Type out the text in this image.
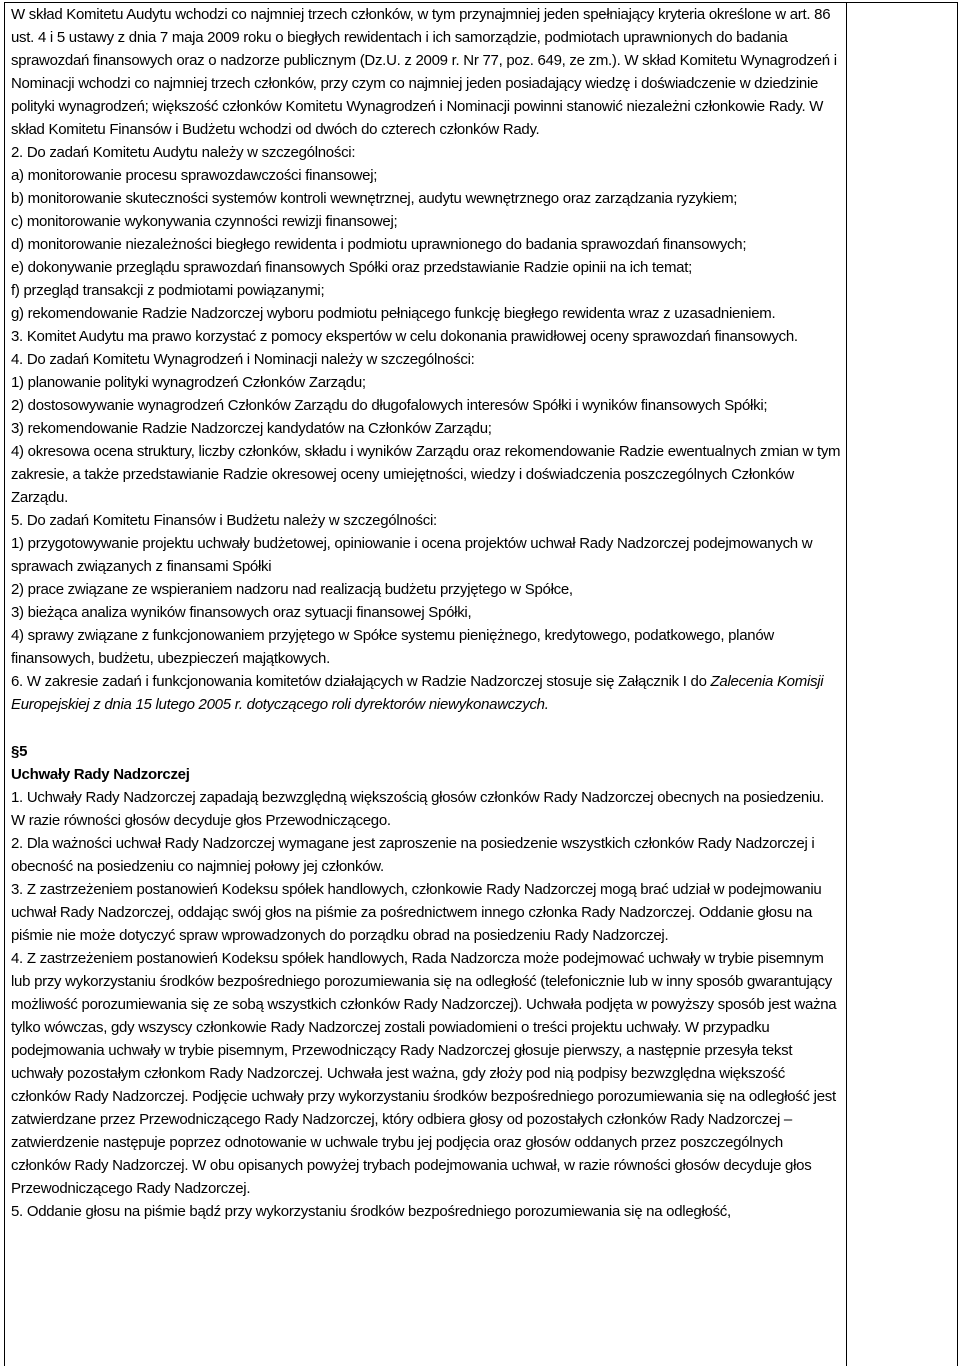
W skład Komitetu Audytu wchodzi co najmniej trzech członków, w tym przynajmniej jeden spełniający kryteria określone w art. 86 ust. 4 i 5 ustawy z dnia 7 maja 2009 roku o biegłych rewidentach i ich samorządzie, podmiotach uprawnionych do badania sprawozdań finansowych oraz o nadzorze publicznym (Dz.U. z 2009 r. Nr 77, poz. 649, ze zm.). W skład Komitetu Wynagrodzeń i Nominacji wchodzi co najmniej trzech członków, przy czym co najmniej jeden posiadający wiedzę i doświadczenie w dziedzinie polityki wynagrodzeń; większość członków Komitetu Wynagrodzeń i Nominacji powinni stanowić niezależni członkowie Rady. W skład Komitetu Finansów i Budżetu wchodzi od dwóch do czterech członków Rady.

2. Do zadań Komitetu Audytu należy w szczególności:

a) monitorowanie procesu sprawozdawczości finansowej;

b) monitorowanie skuteczności systemów kontroli wewnętrznej, audytu wewnętrznego oraz zarządzania ryzykiem;

c) monitorowanie wykonywania czynności rewizji finansowej;

d) monitorowanie niezależności biegłego rewidenta i podmiotu uprawnionego do badania sprawozdań finansowych;

e) dokonywanie przeglądu sprawozdań finansowych Spółki oraz przedstawianie Radzie opinii na ich temat;

f) przegląd transakcji z podmiotami powiązanymi;

g) rekomendowanie Radzie Nadzorczej wyboru podmiotu pełniącego funkcję biegłego rewidenta wraz z uzasadnieniem.

3. Komitet Audytu ma prawo korzystać z pomocy ekspertów w celu dokonania prawidłowej oceny sprawozdań finansowych.

4. Do zadań Komitetu Wynagrodzeń i Nominacji należy w szczególności:

1) planowanie polityki wynagrodzeń Członków Zarządu;

2) dostosowywanie wynagrodzeń Członków Zarządu do długofalowych interesów Spółki i wyników finansowych Spółki;

3) rekomendowanie Radzie Nadzorczej kandydatów na Członków Zarządu;

4) okresowa ocena struktury, liczby członków, składu i wyników Zarządu oraz rekomendowanie Radzie ewentualnych zmian w tym zakresie, a także przedstawianie Radzie okresowej oceny umiejętności, wiedzy i doświadczenia poszczególnych Członków Zarządu.

5. Do zadań Komitetu Finansów i Budżetu należy w szczególności:

1) przygotowywanie projektu uchwały budżetowej, opiniowanie i ocena projektów uchwał Rady Nadzorczej podejmowanych w sprawach związanych z finansami Spółki

2) prace związane ze wspieraniem nadzoru nad realizacją budżetu przyjętego w Spółce,

3) bieżąca analiza wyników finansowych oraz sytuacji finansowej Spółki,

4) sprawy związane z funkcjonowaniem przyjętego w Spółce systemu pieniężnego, kredytowego, podatkowego, planów finansowych, budżetu, ubezpieczeń majątkowych.

6. W zakresie zadań i funkcjonowania komitetów działających w Radzie Nadzorczej stosuje się Załącznik I do Zalecenia Komisji Europejskiej z dnia 15 lutego 2005 r. dotyczącego roli dyrektorów niewykonawczych.

§5

Uchwały Rady Nadzorczej

1. Uchwały Rady Nadzorczej zapadają bezwzględną większością głosów członków Rady Nadzorczej obecnych na posiedzeniu. W razie równości głosów decyduje głos Przewodniczącego.

2. Dla ważności uchwał Rady Nadzorczej wymagane jest zaproszenie na posiedzenie wszystkich członków Rady Nadzorczej i obecność na posiedzeniu co najmniej połowy jej członków.

3. Z zastrzeżeniem postanowień Kodeksu spółek handlowych, członkowie Rady Nadzorczej mogą brać udział w podejmowaniu uchwał Rady Nadzorczej, oddając swój głos na piśmie za pośrednictwem innego członka Rady Nadzorczej. Oddanie głosu na piśmie nie może dotyczyć spraw wprowadzonych do porządku obrad na posiedzeniu Rady Nadzorczej.

4. Z zastrzeżeniem postanowień Kodeksu spółek handlowych, Rada Nadzorcza może podejmować uchwały w trybie pisemnym lub przy wykorzystaniu środków bezpośredniego porozumiewania się na odległość (telefonicznie lub w inny sposób gwarantujący możliwość porozumiewania się ze sobą wszystkich członków Rady Nadzorczej). Uchwała podjęta w powyższy sposób jest ważna tylko wówczas, gdy wszyscy członkowie Rady Nadzorczej zostali powiadomieni o treści projektu uchwały. W przypadku podejmowania uchwały w trybie pisemnym, Przewodniczący Rady Nadzorczej głosuje pierwszy, a następnie przesyła tekst uchwały pozostałym członkom Rady Nadzorczej. Uchwała jest ważna, gdy złoży pod nią podpisy bezwzględna większość członków Rady Nadzorczej. Podjęcie uchwały przy wykorzystaniu środków bezpośredniego porozumiewania się na odległość jest zatwierdzane przez Przewodniczącego Rady Nadzorczej, który odbiera głosy od pozostałych członków Rady Nadzorczej – zatwierdzenie następuje poprzez odnotowanie w uchwale trybu jej podjęcia oraz głosów oddanych przez poszczególnych członków Rady Nadzorczej. W obu opisanych powyżej trybach podejmowania uchwał, w razie równości głosów decyduje głos Przewodniczącego Rady Nadzorczej.

5. Oddanie głosu na piśmie bądź przy wykorzystaniu środków bezpośredniego porozumiewania się na odległość,
